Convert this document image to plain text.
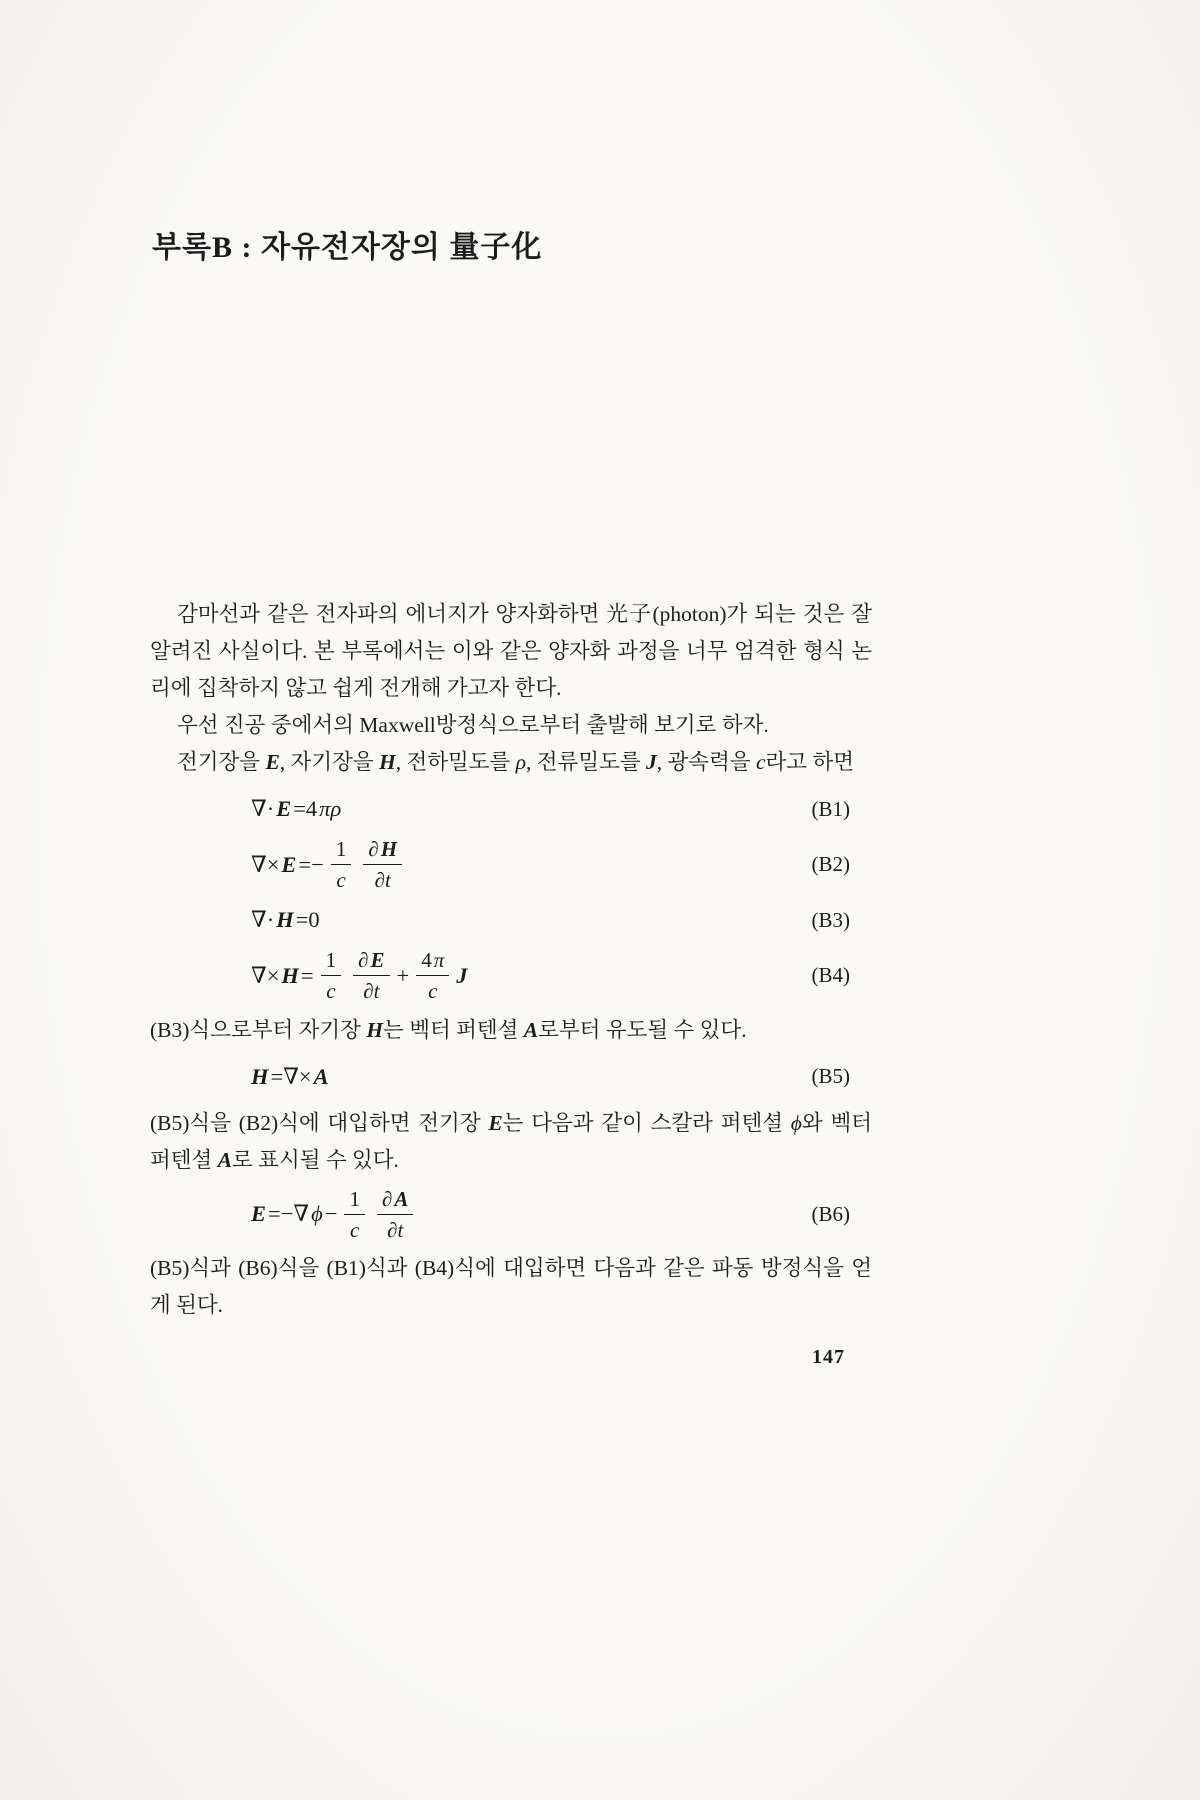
부록B : 자유전자장의 量子化

감마선과 같은 전자파의 에너지가 양자화하면 光子(photon)가 되는 것은 잘 알려진 사실이다. 본 부록에서는 이와 같은 양자화 과정을 너무 엄격한 형식 논리에 집착하지 않고 쉽게 전개해 가고자 한다.

우선 진공 중에서의 Maxwell방정식으로부터 출발해 보기로 하자.

전기장을 E, 자기장을 H, 전하밀도를 ρ, 전류밀도를 J, 광속력을 c라고 하면

∇· E =4 πρ	(B1)
∇× $E =- \frac{1}{c} \frac{\partial H}{\partial t}$	(B2)
∇· H =0	(B3)
∇× $H = \frac{1}{c} \frac{\partial E}{\partial t} + \frac{4 \pi}{c}$ J	(B4)

(B3)식으로부터 자기장 H는 벡터 퍼텐셜 A로부터 유도될 수 있다.

H =∇× A	(B5)

(B5)식을 (B2)식에 대입하면 전기장 E는 다음과 같이 스칼라 퍼텐셜 ϕ와 벡터 퍼텐셜 A로 표시될 수 있다.

E =−∇ $\phi - \frac{1}{c} \frac{\partial A}{\partial t}$	(B6)

(B5)식과 (B6)식을 (B1)식과 (B4)식에 대입하면 다음과 같은 파동 방정식을 얻게 된다.

147
